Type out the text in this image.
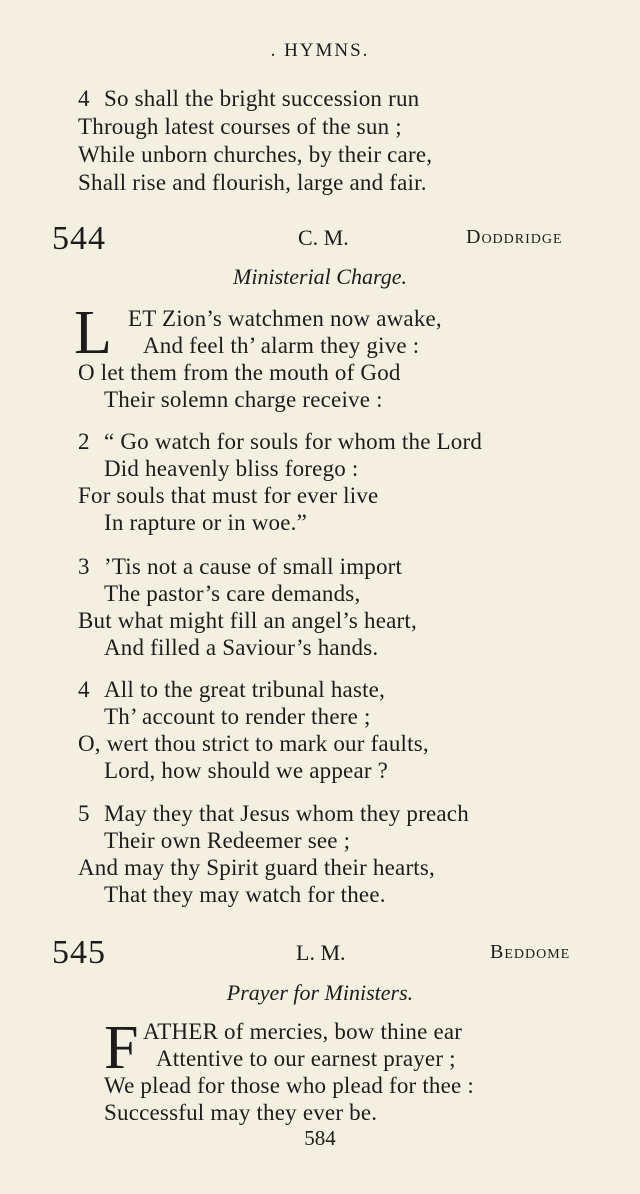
. HYMNS.
4 So shall the bright succession run
Through latest courses of the sun ;
While unborn churches, by their care,
Shall rise and flourish, large and fair.
544	C. M.	Doddridge
Ministerial Charge.
L ET Zion’s watchmen now awake,
And feel th’ alarm they give :
O let them from the mouth of God
Their solemn charge receive :
2 “ Go watch for souls for whom the Lord
Did heavenly bliss forego :
For souls that must for ever live
In rapture or in woe.”
3 ’Tis not a cause of small import
The pastor’s care demands,
But what might fill an angel’s heart,
And filled a Saviour’s hands.
4 All to the great tribunal haste,
Th’ account to render there ;
O, wert thou strict to mark our faults,
Lord, how should we appear ?
5 May they that Jesus whom they preach
Their own Redeemer see ;
And may thy Spirit guard their hearts,
That they may watch for thee.
545	L. M.	Beddome
Prayer for Ministers.
F ATHER of mercies, bow thine ear
Attentive to our earnest prayer ;
We plead for those who plead for thee :
Successful may they ever be.
584
